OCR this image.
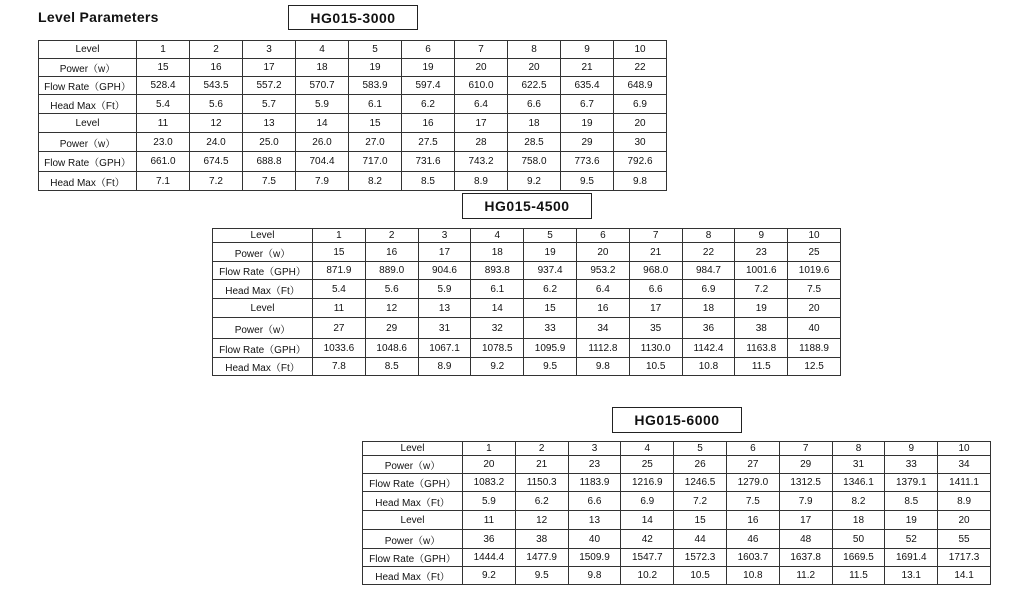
Level Parameters	HG015-3000
Level	1	2	3	4	5	6	7	8	9	10
Power（w）	15	16	17	18	19	19	20	20	21	22
Flow Rate（GPH）	528.4	543.5	557.2	570.7	583.9	597.4	610.0	622.5	635.4	648.9
Head Max（Ft）	5.4	5.6	5.7	5.9	6.1	6.2	6.4	6.6	6.7	6.9
Level	11	12	13	14	15	16	17	18	19	20
Power（w）	23.0	24.0	25.0	26.0	27.0	27.5	28	28.5	29	30
Flow Rate（GPH）	661.0	674.5	688.8	704.4	717.0	731.6	743.2	758.0	773.6	792.6
Head Max（Ft）	7.1	7.2	7.5	7.9	8.2	8.5	8.9	9.2	9.5	9.8
HG015-4500
Level	1	2	3	4	5	6	7	8	9	10
Power（w）	15	16	17	18	19	20	21	22	23	25
Flow Rate（GPH）	871.9	889.0	904.6	893.8	937.4	953.2	968.0	984.7	1001.6	1019.6
Head Max（Ft）	5.4	5.6	5.9	6.1	6.2	6.4	6.6	6.9	7.2	7.5
Level	11	12	13	14	15	16	17	18	19	20
Power（w）	27	29	31	32	33	34	35	36	38	40
Flow Rate（GPH）	1033.6	1048.6	1067.1	1078.5	1095.9	1112.8	1130.0	1142.4	1163.8	1188.9
Head Max（Ft）	7.8	8.5	8.9	9.2	9.5	9.8	10.5	10.8	11.5	12.5
HG015-6000
Level	1	2	3	4	5	6	7	8	9	10
Power（w）	20	21	23	25	26	27	29	31	33	34
Flow Rate（GPH）	1083.2	1150.3	1183.9	1216.9	1246.5	1279.0	1312.5	1346.1	1379.1	1411.1
Head Max（Ft）	5.9	6.2	6.6	6.9	7.2	7.5	7.9	8.2	8.5	8.9
Level	11	12	13	14	15	16	17	18	19	20
Power（w）	36	38	40	42	44	46	48	50	52	55
Flow Rate（GPH）	1444.4	1477.9	1509.9	1547.7	1572.3	1603.7	1637.8	1669.5	1691.4	1717.3
Head Max（Ft）	9.2	9.5	9.8	10.2	10.5	10.8	11.2	11.5	13.1	14.1
